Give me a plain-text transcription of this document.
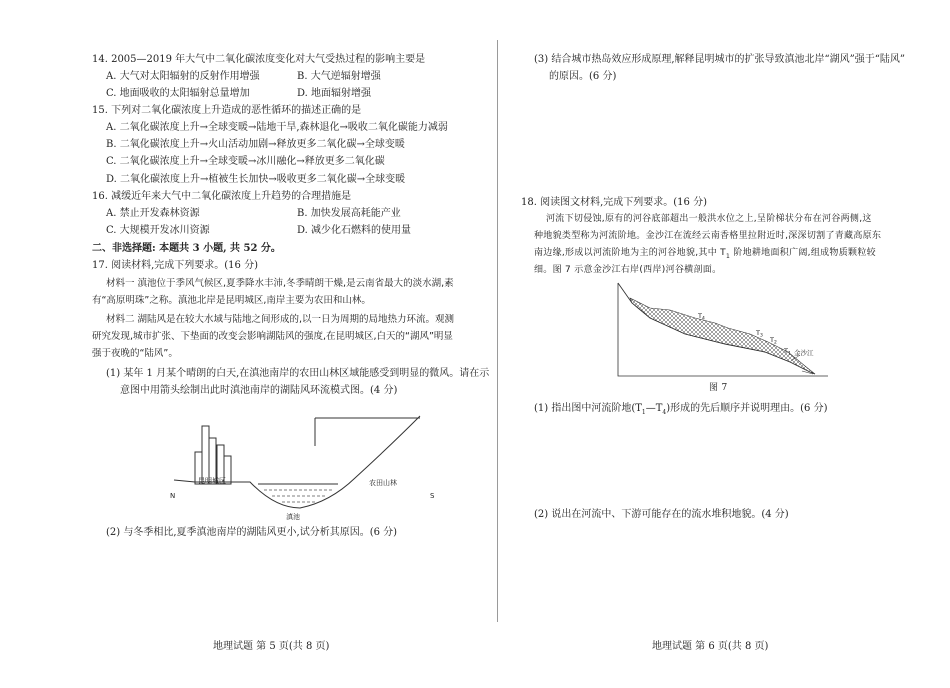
14. 2005—2019 年大气中二氧化碳浓度变化对大气受热过程的影响主要是
A. 大气对太阳辐射的反射作用增强	B. 大气逆辐射增强
C. 地面吸收的太阳辐射总量增加	D. 地面辐射增强
15. 下列对二氧化碳浓度上升造成的恶性循环的描述正确的是
A. 二氧化碳浓度上升→全球变暖→陆地干旱,森林退化→吸收二氧化碳能力减弱
B. 二氧化碳浓度上升→火山活动加剧→释放更多二氧化碳→全球变暖
C. 二氧化碳浓度上升→全球变暖→冰川融化→释放更多二氧化碳
D. 二氧化碳浓度上升→植被生长加快→吸收更多二氧化碳→全球变暖
16. 减缓近年来大气中二氧化碳浓度上升趋势的合理措施是
A. 禁止开发森林资源	B. 加快发展高耗能产业
C. 大规模开发冰川资源	D. 减少化石燃料的使用量
二、非选择题: 本题共 3 小题, 共 52 分。
17. 阅读材料,完成下列要求。(16 分)
材料一 滇池位于季风气候区,夏季降水丰沛,冬季晴朗干燥,是云南省最大的淡水湖,素
有“高原明珠”之称。滇池北岸是昆明城区,南岸主要为农田和山林。
材料二 湖陆风是在较大水域与陆地之间形成的,以一日为周期的局地热力环流。观测
研究发现,城市扩张、下垫面的改变会影响湖陆风的强度,在昆明城区,白天的“湖风”明显
强于夜晚的“陆风”。
(1) 某年 1 月某个晴朗的白天,在滇池南岸的农田山林区域能感受到明显的微风。请在示
意图中用箭头绘制出此时滇池南岸的湖陆风环流模式图。(4 分)
昆明城区	农田山林
滇池
N	S
(2) 与冬季相比,夏季滇池南岸的湖陆风更小,试分析其原因。(6 分)
地理试题 第 5 页(共 8 页)
(3) 结合城市热岛效应形成原理,解释昆明城市的扩张导致滇池北岸“湖风”强于“陆风”
的原因。(6 分)
18. 阅读图文材料,完成下列要求。(16 分)
河流下切侵蚀,原有的河谷底部超出一般洪水位之上,呈阶梯状分布在河谷两侧,这
种地貌类型称为河流阶地。金沙江在流经云南香格里拉附近时,深深切割了青藏高原东
南边缘,形成以河流阶地为主的河谷地貌,其中 $T_1$ 阶地耕地面积广阔,组成物质颗粒较
细。图 7 示意金沙江右岸(西岸)河谷横剖面。
$T_4$
$T_3$ $T_2$
$T_1$ 金沙江
图 7
(1) 指出图中河流阶地$(T_1—T_4)$形成的先后顺序并说明理由。(6 分)
(2) 说出在河流中、下游可能存在的流水堆积地貌。(4 分)
地理试题 第 6 页(共 8 页)
